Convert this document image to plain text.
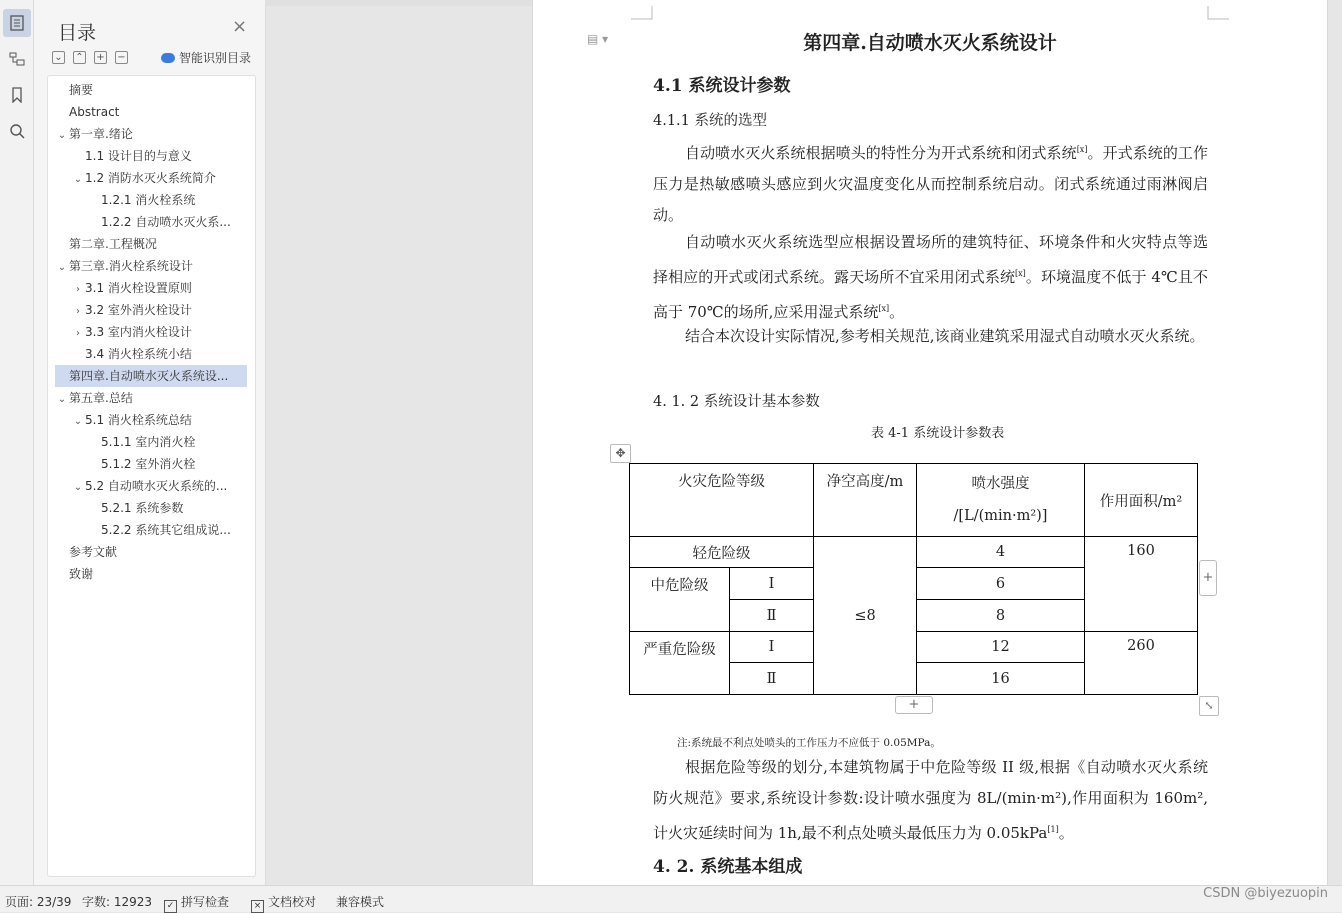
目录	×
⌄ ⌃ + −	智能识别目录
摘要
Abstract
⌄ 第一章.绪论
1.1 设计目的与意义
⌄ 1.2 消防水灭火系统简介
1.2.1 消火栓系统
1.2.2 自动喷水灭火系...
第二章.工程概况
⌄ 第三章.消火栓系统设计
› 3.1 消火栓设置原则
› 3.2 室外消火栓设计
› 3.3 室内消火栓设计
3.4 消火栓系统小结
第四章.自动喷水灭火系统设...
⌄ 第五章.总结
⌄ 5.1 消火栓系统总结
5.1.1 室内消火栓
5.1.2 室外消火栓
⌄ 5.2 自动喷水灭火系统的...
5.2.1 系统参数
5.2.2 系统其它组成说...
参考文献
致谢
▤ ▾	第四章.自动喷水灭火系统设计
4.1 系统设计参数
4.1.1 系统的选型
自动喷水灭火系统根据喷头的特性分为开式系统和闭式系统[x]。开式系统的工作压力是热敏感喷头感应到火灾温度变化从而控制系统启动。闭式系统通过雨淋阀启动。
自动喷水灭火系统选型应根据设置场所的建筑特征、环境条件和火灾特点等选择相应的开式或闭式系统。露天场所不宜采用闭式系统[x]。环境温度不低于 4℃且不高于 70℃的场所,应采用湿式系统[x]。
结合本次设计实际情况,参考相关规范,该商业建筑采用湿式自动喷水灭火系统。
4. 1. 2 系统设计基本参数
表 4-1 系统设计参数表
✥
火灾危险等级		净空高度/m	喷水强度
/[L/(min·m²)]	作用面积/m²
轻危险级		≤8	4	160
中危险级	Ⅰ		6	
	Ⅱ		8	
严重危险级	Ⅰ		12	260
	Ⅱ		16	
+
+	⤡
注:系统最不利点处喷头的工作压力不应低于 0.05MPa。
根据危险等级的划分,本建筑物属于中危险等级 II 级,根据《自动喷水灭火系统防火规范》要求,系统设计参数:设计喷水强度为 8L/(min·m²),作用面积为 160m²,计火灾延续时间为 1h,最不利点处喷头最低压力为 0.05kPa[1]。
4. 2. 系统基本组成
页面: 23/39 字数: 12923	✓ 拼写检查	× 文档校对 兼容模式
CSDN @biyezuopin
